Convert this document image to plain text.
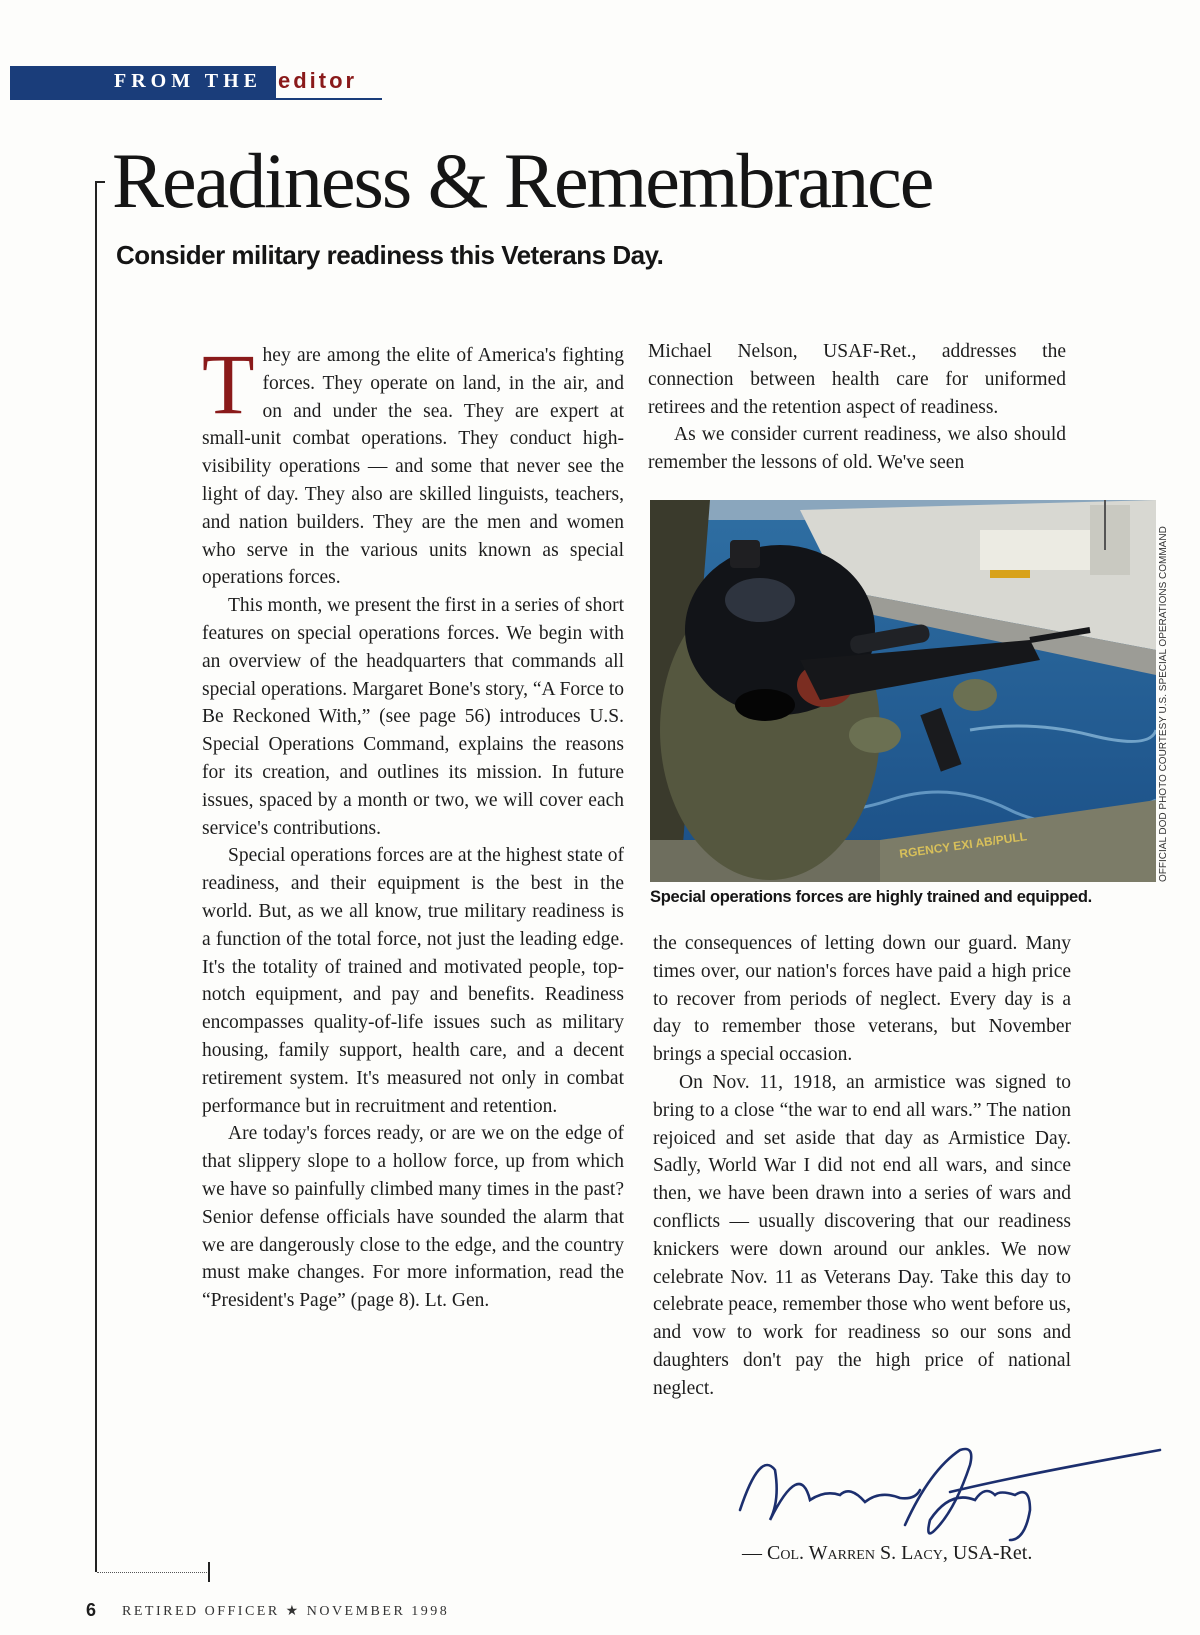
FROM THE editor
Readiness & Remembrance
Consider military readiness this Veterans Day.

They are among the elite of America's fighting forces. They operate on land, in the air, and on and under the sea. They are expert at small-unit combat operations. They conduct high-visibility operations — and some that never see the light of day. They also are skilled linguists, teachers, and nation builders. They are the men and women who serve in the various units known as special operations forces.

This month, we present the first in a series of short features on special operations forces. We begin with an overview of the headquarters that commands all special operations. Margaret Bone's story, “A Force to Be Reckoned With,” (see page 56) introduces U.S. Special Operations Command, explains the reasons for its creation, and outlines its mission. In future issues, spaced by a month or two, we will cover each service's contributions.

Special operations forces are at the highest state of readiness, and their equipment is the best in the world. But, as we all know, true military readiness is a function of the total force, not just the leading edge. It's the totality of trained and motivated people, top-notch equipment, and pay and benefits. Readiness encompasses quality-of-life issues such as military housing, family support, health care, and a decent retirement system. It's measured not only in combat performance but in recruitment and retention.

Are today's forces ready, or are we on the edge of that slippery slope to a hollow force, up from which we have so painfully climbed many times in the past? Senior defense officials have sounded the alarm that we are dangerously close to the edge, and the country must make changes. For more information, read the “President's Page” (page 8). Lt. Gen.

Michael Nelson, USAF-Ret., addresses the connection between health care for uniformed retirees and the retention aspect of readiness.

As we consider current readiness, we also should remember the lessons of old. We've seen

RGENCY EXI AB/PULL	OFFICIAL DOD PHOTO COURTESY U.S. SPECIAL OPERATIONS COMMAND
Special operations forces are highly trained and equipped.

the consequences of letting down our guard. Many times over, our nation's forces have paid a high price to recover from periods of neglect. Every day is a day to remember those veterans, but November brings a special occasion.

On Nov. 11, 1918, an armistice was signed to bring to a close “the war to end all wars.” The nation rejoiced and set aside that day as Armistice Day. Sadly, World War I did not end all wars, and since then, we have been drawn into a series of wars and conflicts — usually discovering that our readiness knickers were down around our ankles. We now celebrate Nov. 11 as Veterans Day. Take this day to celebrate peace, remember those who went before us, and vow to work for readiness so our sons and daughters don't pay the high price of national neglect.

— Col. Warren S. Lacy, USA-Ret.
6 RETIRED OFFICER ★ NOVEMBER 1998
